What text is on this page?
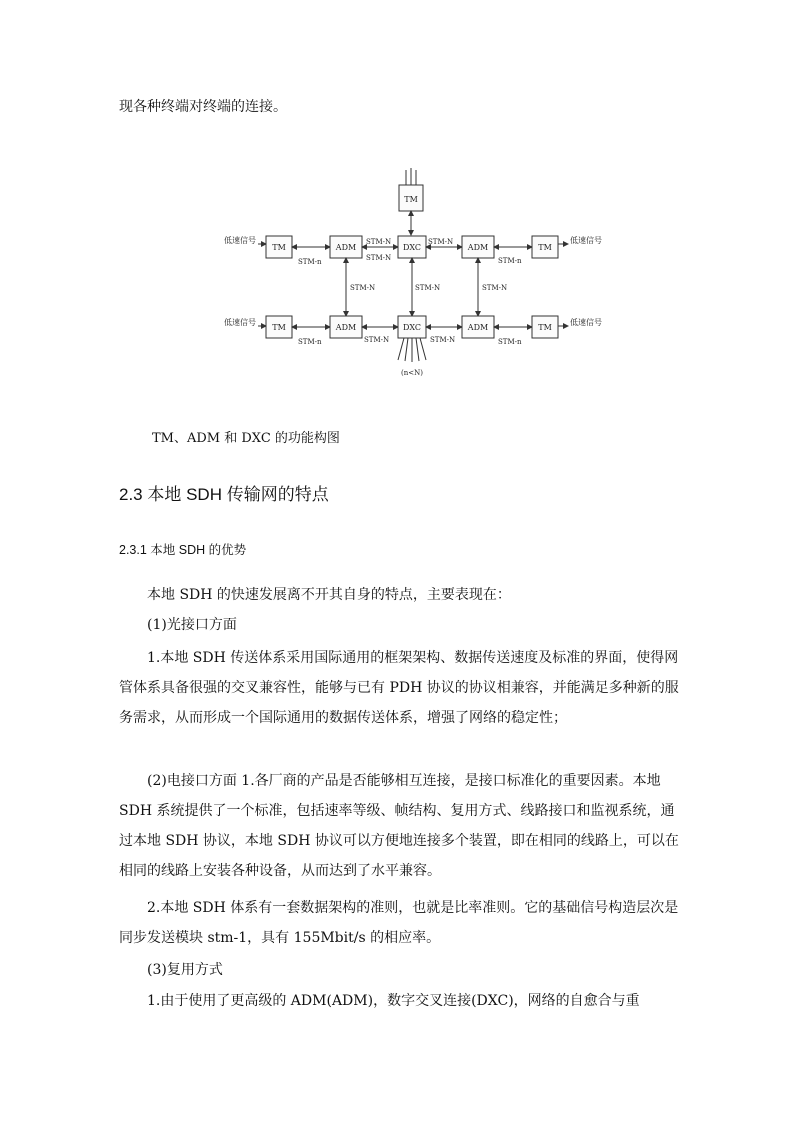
现各种终端对终端的连接。
TM
低速信号
TM
STM-n
ADM
STM-N
STM-N
DXC
STM-N
ADM
STM-n
TM
低速信号
STM-N	STM-N	STM-N
低速信号
TM
STM-n
ADM
STM-N
DXC
STM-N
ADM
STM-n
TM
低速信号
(n<N)
TM、ADM 和 DXC 的功能构图
2.3 本地 SDH 传输网的特点
2.3.1 本地 SDH 的优势
本地 SDH 的快速发展离不开其自身的特点，主要表现在：
(1)光接口方面
1.本地 SDH 传送体系采用国际通用的框架架构、数据传送速度及标准的界面，使得网管体系具备很强的交叉兼容性，能够与已有 PDH 协议的协议相兼容，并能满足多种新的服务需求，从而形成一个国际通用的数据传送体系，增强了网络的稳定性；
(2)电接口方面 1.各厂商的产品是否能够相互连接，是接口标准化的重要因素。本地 SDH 系统提供了一个标准，包括速率等级、帧结构、复用方式、线路接口和监视系统，通过本地 SDH 协议，本地 SDH 协议可以方便地连接多个装置，即在相同的线路上，可以在相同的线路上安装各种设备，从而达到了水平兼容。
2.本地 SDH 体系有一套数据架构的准则，也就是比率准则。它的基础信号构造层次是同步发送模块 stm-1，具有 155Mbit/s 的相应率。
(3)复用方式
1.由于使用了更高级的 ADM(ADM)，数字交叉连接(DXC)，网络的自愈合与重
